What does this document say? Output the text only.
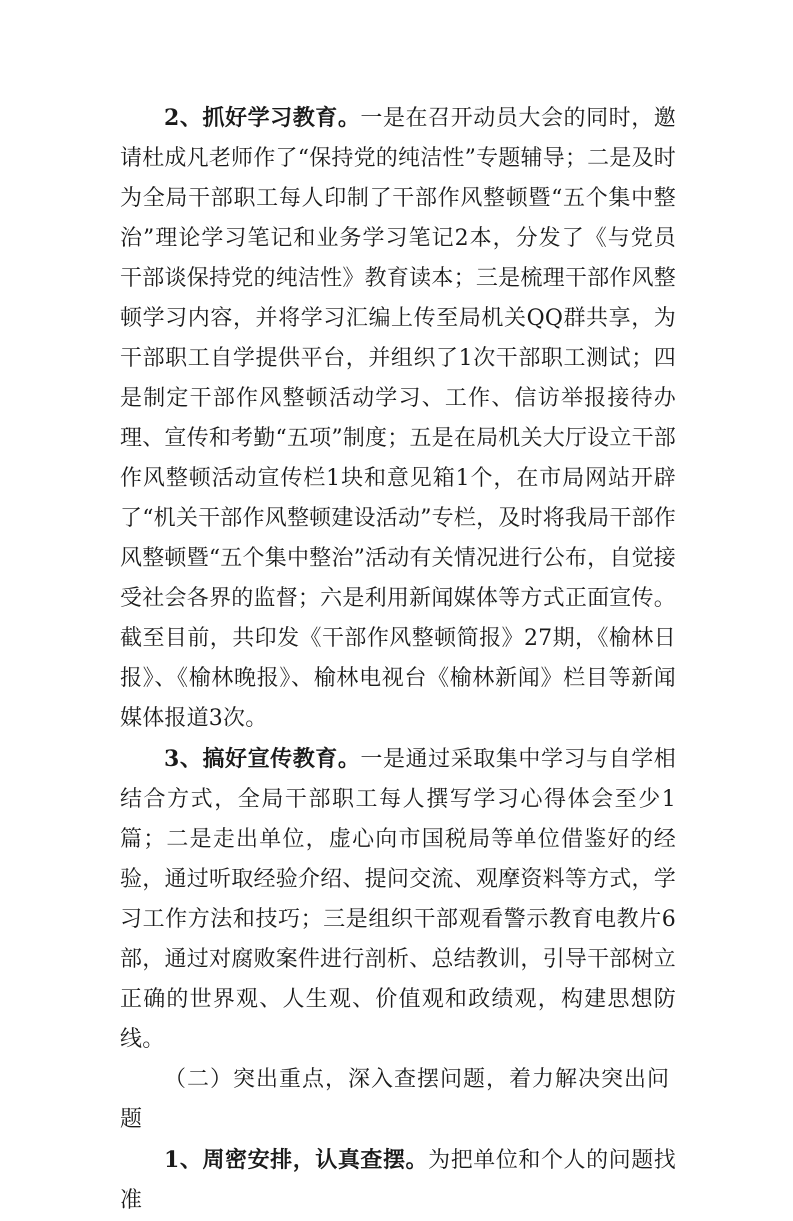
2、抓好学习教育。一是在召开动员大会的同时，邀请杜成凡老师作了“保持党的纯洁性”专题辅导；二是及时为全局干部职工每人印制了干部作风整顿暨“五个集中整治”理论学习笔记和业务学习笔记2本，分发了《与党员干部谈保持党的纯洁性》教育读本；三是梳理干部作风整顿学习内容，并将学习汇编上传至局机关QQ群共享，为干部职工自学提供平台，并组织了1次干部职工测试；四是制定干部作风整顿活动学习、工作、信访举报接待办理、宣传和考勤“五项”制度；五是在局机关大厅设立干部作风整顿活动宣传栏1块和意见箱1个，在市局网站开辟了“机关干部作风整顿建设活动”专栏，及时将我局干部作风整顿暨“五个集中整治”活动有关情况进行公布，自觉接受社会各界的监督；六是利用新闻媒体等方式正面宣传。截至目前，共印发《干部作风整顿简报》27期，《榆林日报》、《榆林晚报》、榆林电视台《榆林新闻》栏目等新闻媒体报道3次。

3、搞好宣传教育。一是通过采取集中学习与自学相结合方式，全局干部职工每人撰写学习心得体会至少1篇；二是走出单位，虚心向市国税局等单位借鉴好的经验，通过听取经验介绍、提问交流、观摩资料等方式，学习工作方法和技巧；三是组织干部观看警示教育电教片6部，通过对腐败案件进行剖析、总结教训，引导干部树立正确的世界观、人生观、价值观和政绩观，构建思想防线。

（二）突出重点，深入查摆问题，着力解决突出问题

1、周密安排，认真查摆。为把单位和个人的问题找准
